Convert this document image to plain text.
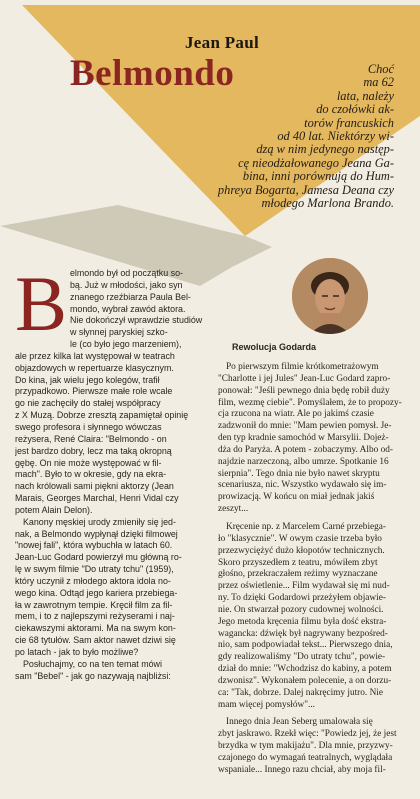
Jean Paul
Belmondo	Choć
ma 62
lata, należy
do czołówki ak-
torów francuskich
od 40 lat. Niektórzy wi-
dzą w nim jedynego następ-
cę nieodżałowanego Jeana Ga-
bina, inni porównują do Hum-
phreya Bogarta, Jamesa Deana czy
młodego Marlona Brando.
Rewolucja Godarda
B elmondo był od początku so-
bą. Już w młodości, jako syn
znanego rzeźbiarza Paula Bel-
mondo, wybrał zawód aktora.
Nie dokończył wprawdzie studiów
w słynnej paryskiej szko-
le (co było jego marzeniem),
ale przez kilka lat występował w teatrach
objazdowych w repertuarze klasycznym.
Do kina, jak wielu jego kolegów, trafił
przypadkowo. Pierwsze małe role wcale
go nie zachęciły do stałej współpracy
z X Muzą. Dobrze zresztą zapamiętał opinię
swego profesora i słynnego wówczas
reżysera, René Claira: "Belmondo - on
jest bardzo dobry, lecz ma taką okropną
gębę. On nie może występować w fil-
mach". Było to w okresie, gdy na ekra-
nach królowali sami piękni aktorzy (Jean
Marais, Georges Marchal, Henri Vidal czy
potem Alain Delon).
Kanony męskiej urody zmieniły się jed-
nak, a Belmondo wypłynął dzięki filmowej
"nowej fali", która wybuchła w latach 60.
Jean-Luc Godard powierzył mu główną ro-
lę w swym filmie "Do utraty tchu" (1959),
który uczynił z młodego aktora idola no-
wego kina. Odtąd jego kariera przebiega-
ła w zawrotnym tempie. Kręcił film za fil-
mem, i to z najlepszymi reżyserami i naj-
ciekawszymi aktorami. Ma na swym kon-
cie 68 tytułów. Sam aktor nawet dziwi się
po latach - jak to było możliwe?
Posłuchajmy, co na ten temat mówi
sam "Bebel" - jak go nazywają najbliżsi:
Po pierwszym filmie krótkometrażowym
"Charlotte i jej Jules" Jean-Luc Godard zapro-
ponował: "Jeśli pewnego dnia będę robił duży
film, wezmę ciebie". Pomyślałem, że to propozy-
cja rzucona na wiatr. Ale po jakimś czasie
zadzwonił do mnie: "Mam pewien pomysł. Je-
den typ kradnie samochód w Marsylii. Dojeż-
dża do Paryża. A potem - zobaczymy. Albo od-
najdzie narzeczoną, albo umrze. Spotkanie 16
sierpnia". Tego dnia nie było nawet skryptu
scenariusza, nic. Wszystko wydawało się im-
prowizacją. W końcu on miał jednak jakiś
zeszyt...
Kręcenie np. z Marcelem Carné przebiega-
ło "klasycznie". W owym czasie trzeba było
przezwyciężyć dużo kłopotów technicznych.
Skoro przyszedłem z teatru, mówiłem zbyt
głośno, przekraczałem reżimy wyznaczane
przez oświetlenie... Film wydawał się mi nud-
ny. To dzięki Godardowi przeżyłem objawie-
nie. On stwarzał pozory cudownej wolności.
Jego metoda kręcenia filmu była dość ekstra-
wagancka: dźwięk był nagrywany bezpośred-
nio, sam podpowiadał tekst... Pierwszego dnia,
gdy realizowaliśmy "Do utraty tchu", powie-
dział do mnie: "Wchodzisz do kabiny, a potem
dzwonisz". Wykonałem polecenie, a on dorzu-
ca: "Tak, dobrze. Dalej nakręcimy jutro. Nie
mam więcej pomysłów"...
Innego dnia Jean Seberg umalowała się
zbyt jaskrawo. Rzekł więc: "Powiedz jej, że jest
brzydka w tym makijażu". Dla mnie, przyzwy-
czajonego do wymagań teatralnych, wyglądała
wspaniale... Innego razu chciał, aby moja fil-
